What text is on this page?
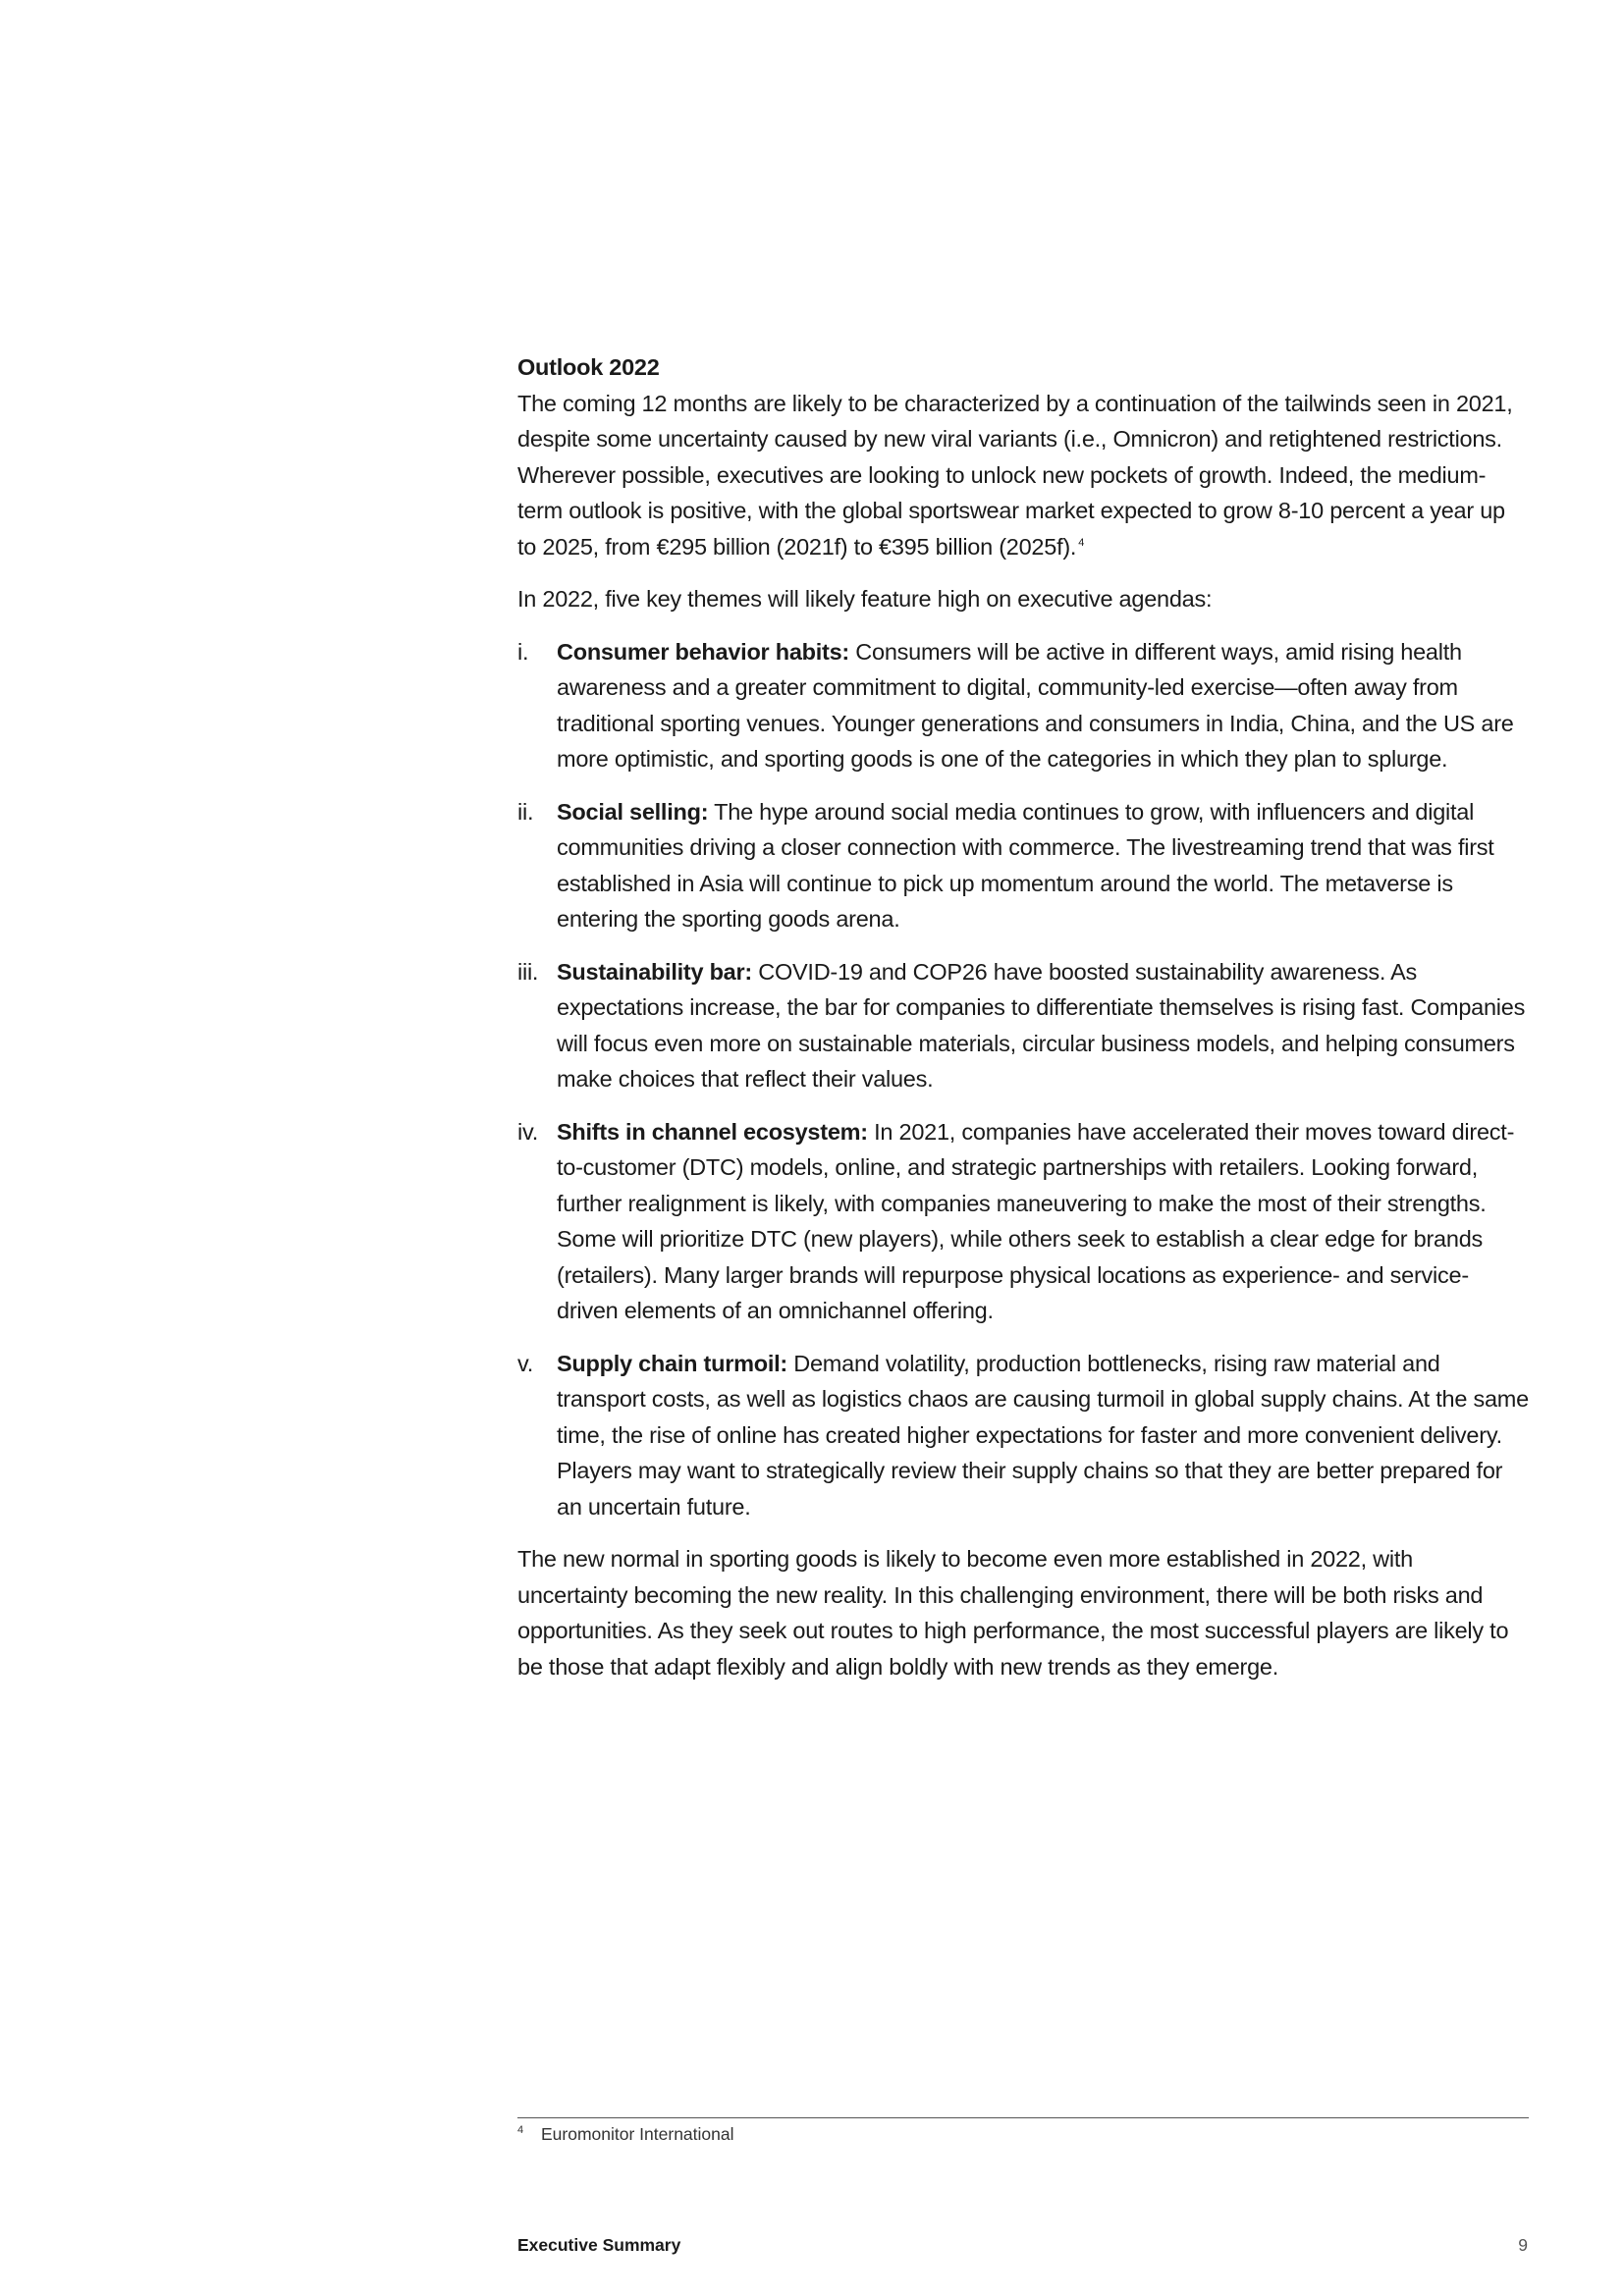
Outlook 2022

The coming 12 months are likely to be characterized by a continuation of the tailwinds seen in 2021, despite some uncertainty caused by new viral variants (i.e., Omnicron) and retightened restrictions. Wherever possible, executives are looking to unlock new pockets of growth. Indeed, the medium-term outlook is positive, with the global sportswear market expected to grow 8-10 percent a year up to 2025, from €295 billion (2021f) to €395 billion (2025f). $^4$

In 2022, five key themes will likely feature high on executive agendas:

i. Consumer behavior habits: Consumers will be active in different ways, amid rising health awareness and a greater commitment to digital, community-led exercise—often away from traditional sporting venues. Younger generations and consumers in India, China, and the US are more optimistic, and sporting goods is one of the categories in which they plan to splurge.
ii. Social selling: The hype around social media continues to grow, with influencers and digital communities driving a closer connection with commerce. The livestreaming trend that was first established in Asia will continue to pick up momentum around the world. The metaverse is entering the sporting goods arena.
iii. Sustainability bar: COVID-19 and COP26 have boosted sustainability awareness. As expectations increase, the bar for companies to differentiate themselves is rising fast. Companies will focus even more on sustainable materials, circular business models, and helping consumers make choices that reflect their values.
iv. Shifts in channel ecosystem: In 2021, companies have accelerated their moves toward direct-to-customer (DTC) models, online, and strategic partnerships with retailers. Looking forward, further realignment is likely, with companies maneuvering to make the most of their strengths. Some will prioritize DTC (new players), while others seek to establish a clear edge for brands (retailers). Many larger brands will repurpose physical locations as experience- and service-driven elements of an omnichannel offering.
v. Supply chain turmoil: Demand volatility, production bottlenecks, rising raw material and transport costs, as well as logistics chaos are causing turmoil in global supply chains. At the same time, the rise of online has created higher expectations for faster and more convenient delivery. Players may want to strategically review their supply chains so that they are better prepared for an uncertain future.

The new normal in sporting goods is likely to become even more established in 2022, with uncertainty becoming the new reality. In this challenging environment, there will be both risks and opportunities. As they seek out routes to high performance, the most successful players are likely to be those that adapt flexibly and align boldly with new trends as they emerge.

4 Euromonitor International
Executive Summary	9
